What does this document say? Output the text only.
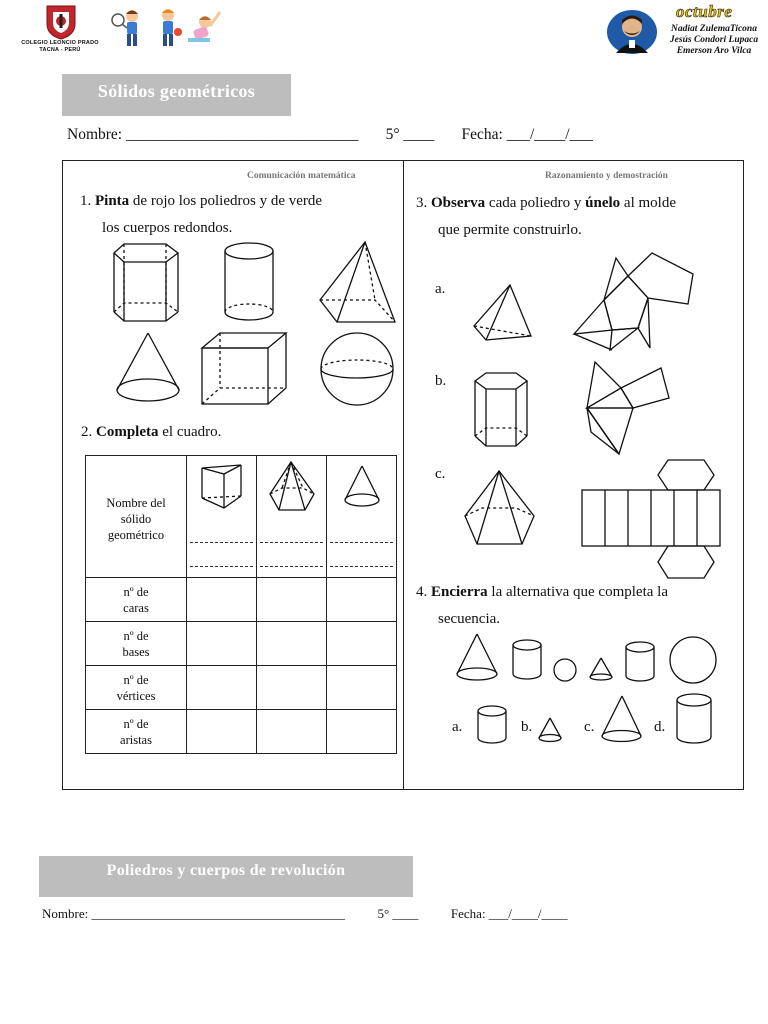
COLEGIO LEONCIO PRADO
TACNA - PERÚ
octubre
Nadiat ZulemaTicona
Jesús Condori Lupaca
Emerson Aro Vilca
Sólidos geométricos
Nombre: ______________________________       5° ____       Fecha: ___/____/___
Comunicación matemática	Razonamiento y demostración
1. Pinta de rojo los poliedros y de verde
los cuerpos redondos.
2. Completa el cuadro.
Nombre del
sólido
geométrico

nº de
caras			

nº de
bases			

nº de
vértices			

nº de
aristas			

3. Observa cada poliedro y únelo al molde
que permite construirlo.
a.
b.
c.
4. Encierra la alternativa que completa la
secuencia.
a.	b.	c.	d.
Poliedros y cuerpos de revolución
Nombre: _______________________________________          5° ____          Fecha: ___/____/____
